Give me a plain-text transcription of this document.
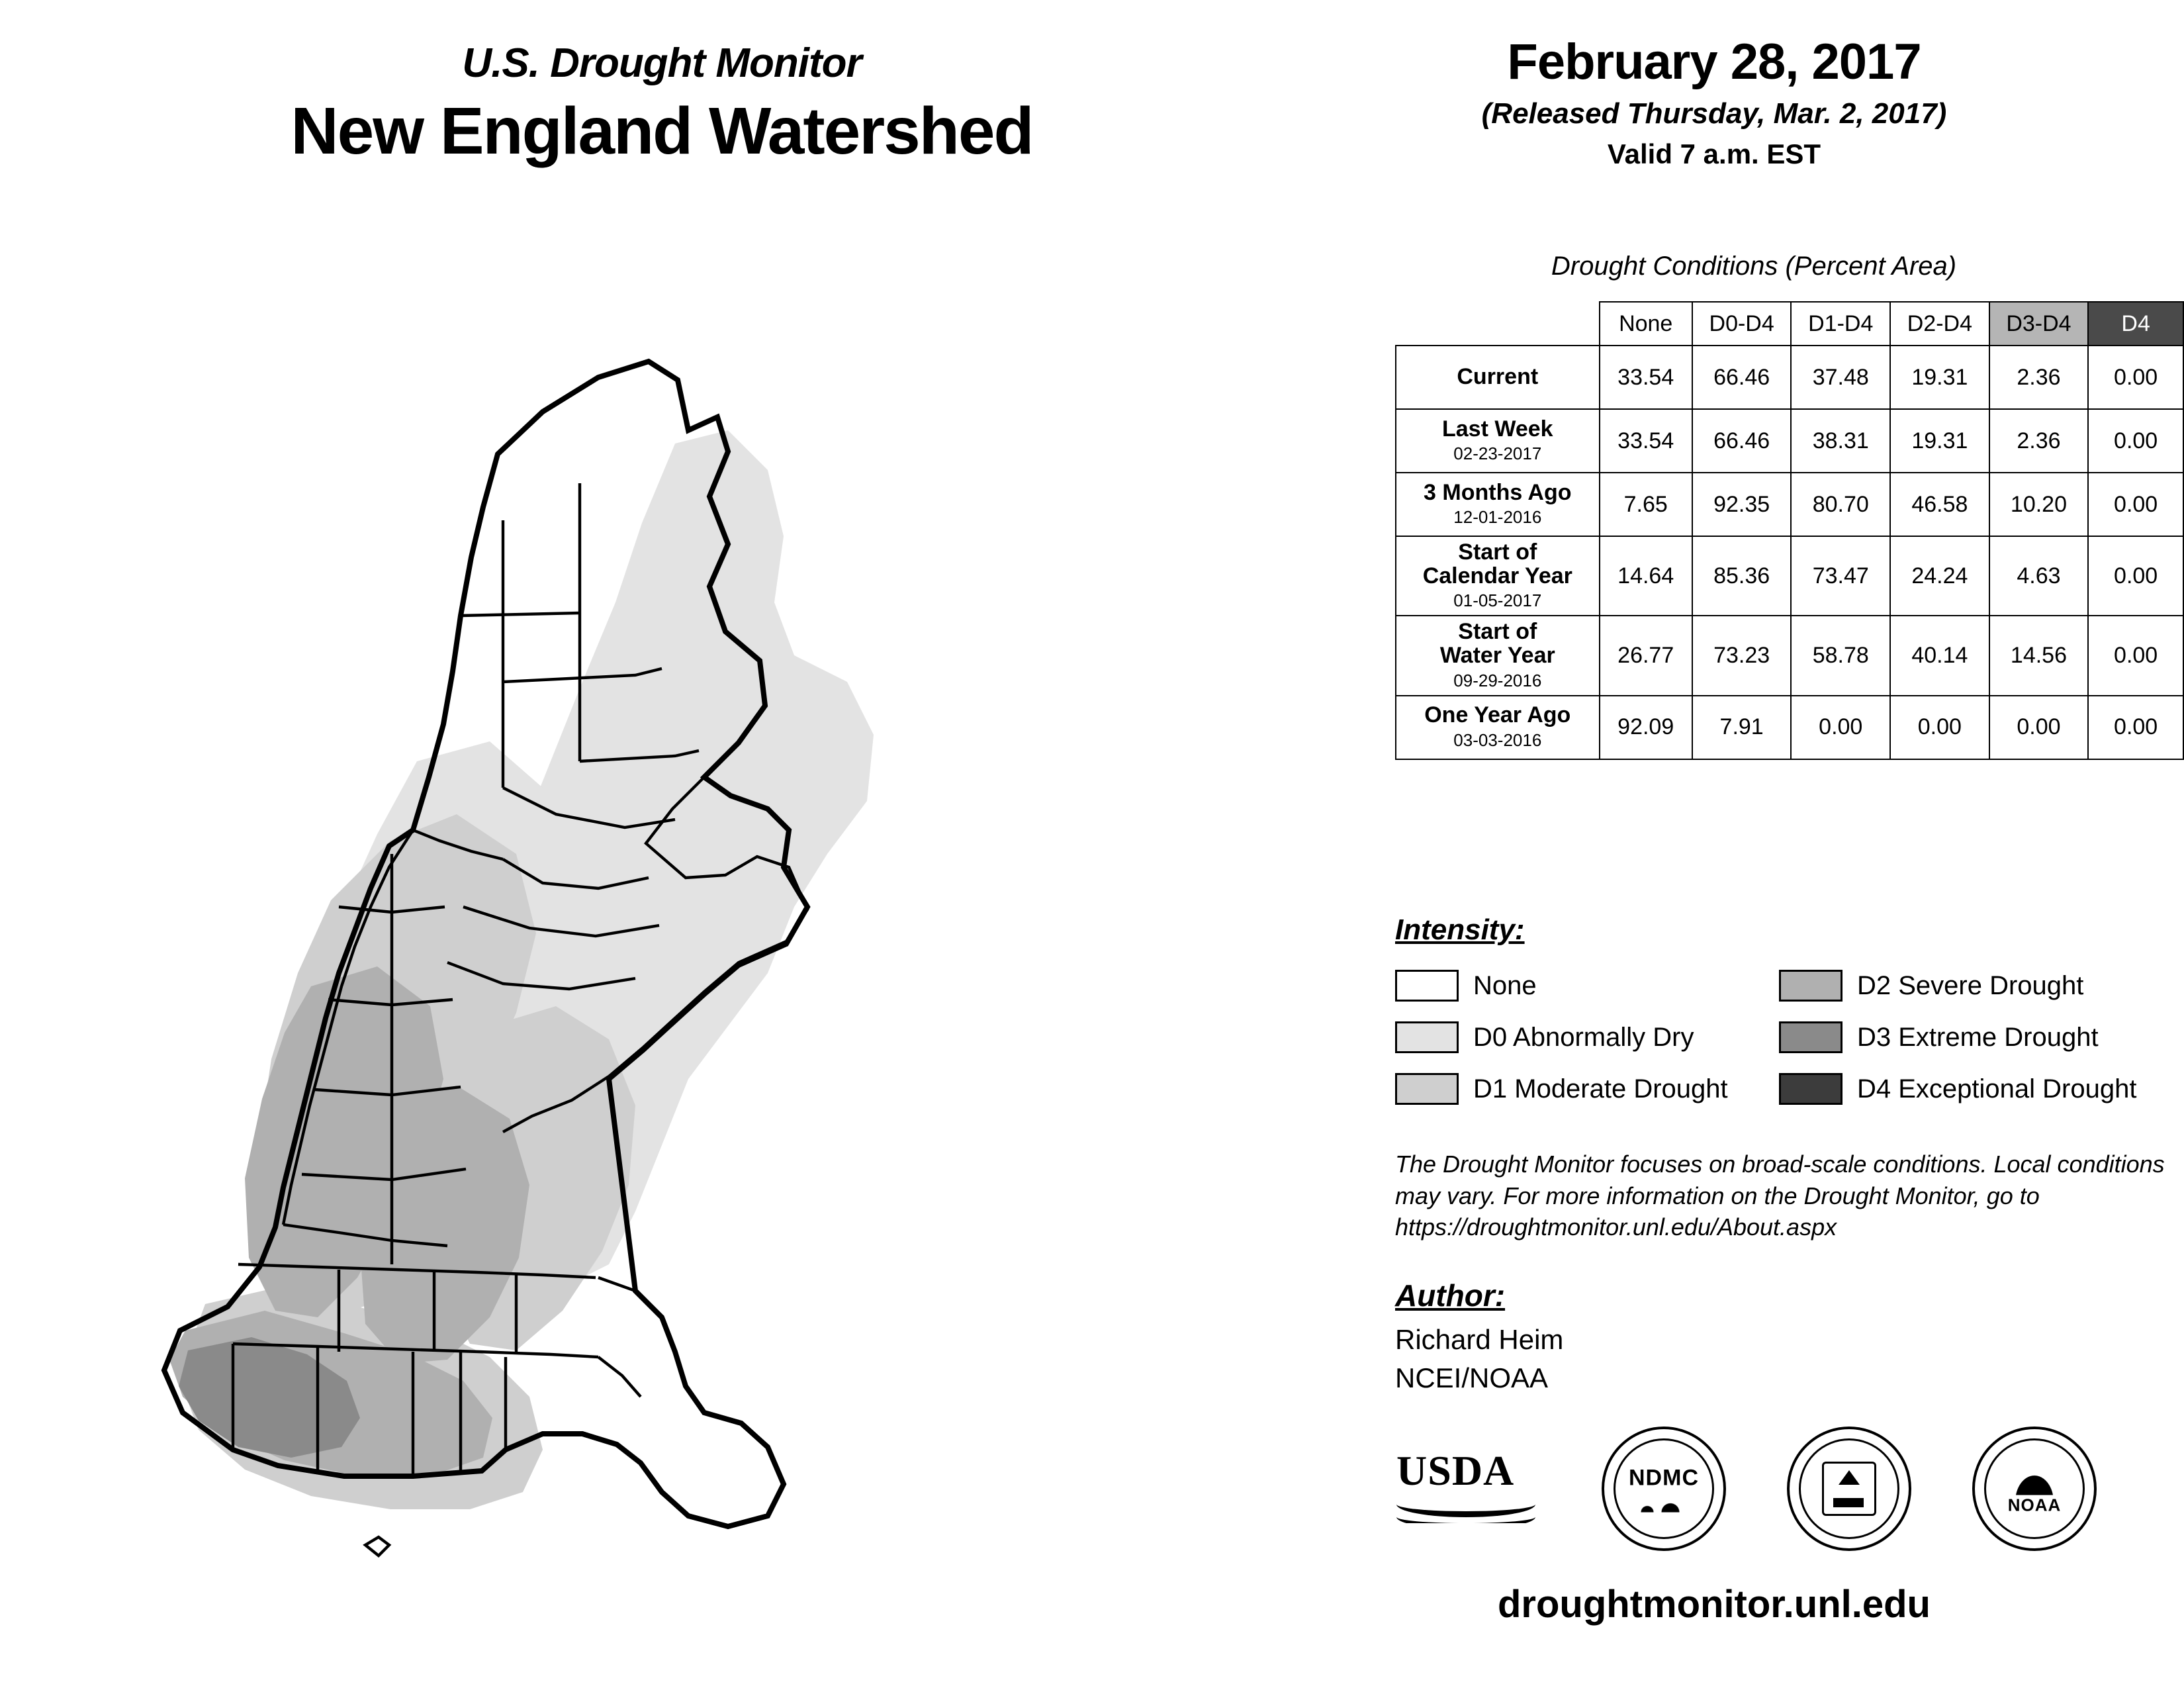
U.S. Drought Monitor
New England Watershed
February 28, 2017
(Released Thursday, Mar. 2, 2017)
Valid 7 a.m. EST
Drought Conditions (Percent Area)
	None	D0-D4	D1-D4	D2-D4	D3-D4	D4

Current	33.54	66.46	37.48	19.31	2.36	0.00

Last Week
02-23-2017	33.54	66.46	38.31	19.31	2.36	0.00

3 Months Ago
12-01-2016	7.65	92.35	80.70	46.58	10.20	0.00

Start of
Calendar Year
01-05-2017	14.64	85.36	73.47	24.24	4.63	0.00

Start of
Water Year
09-29-2016	26.77	73.23	58.78	40.14	14.56	0.00

One Year Ago
03-03-2016	92.09	7.91	0.00	0.00	0.00	0.00
Intensity:
None
D0 Abnormally Dry
D1 Moderate Drought
D2 Severe Drought
D3 Extreme Drought
D4 Exceptional Drought
The Drought Monitor focuses on broad-scale conditions. Local conditions may vary. For more information on the Drought Monitor, go to https://droughtmonitor.unl.edu/About.aspx
Author:
Richard Heim
NCEI/NOAA
USDA	NDMC
NOAA
droughtmonitor.unl.edu
